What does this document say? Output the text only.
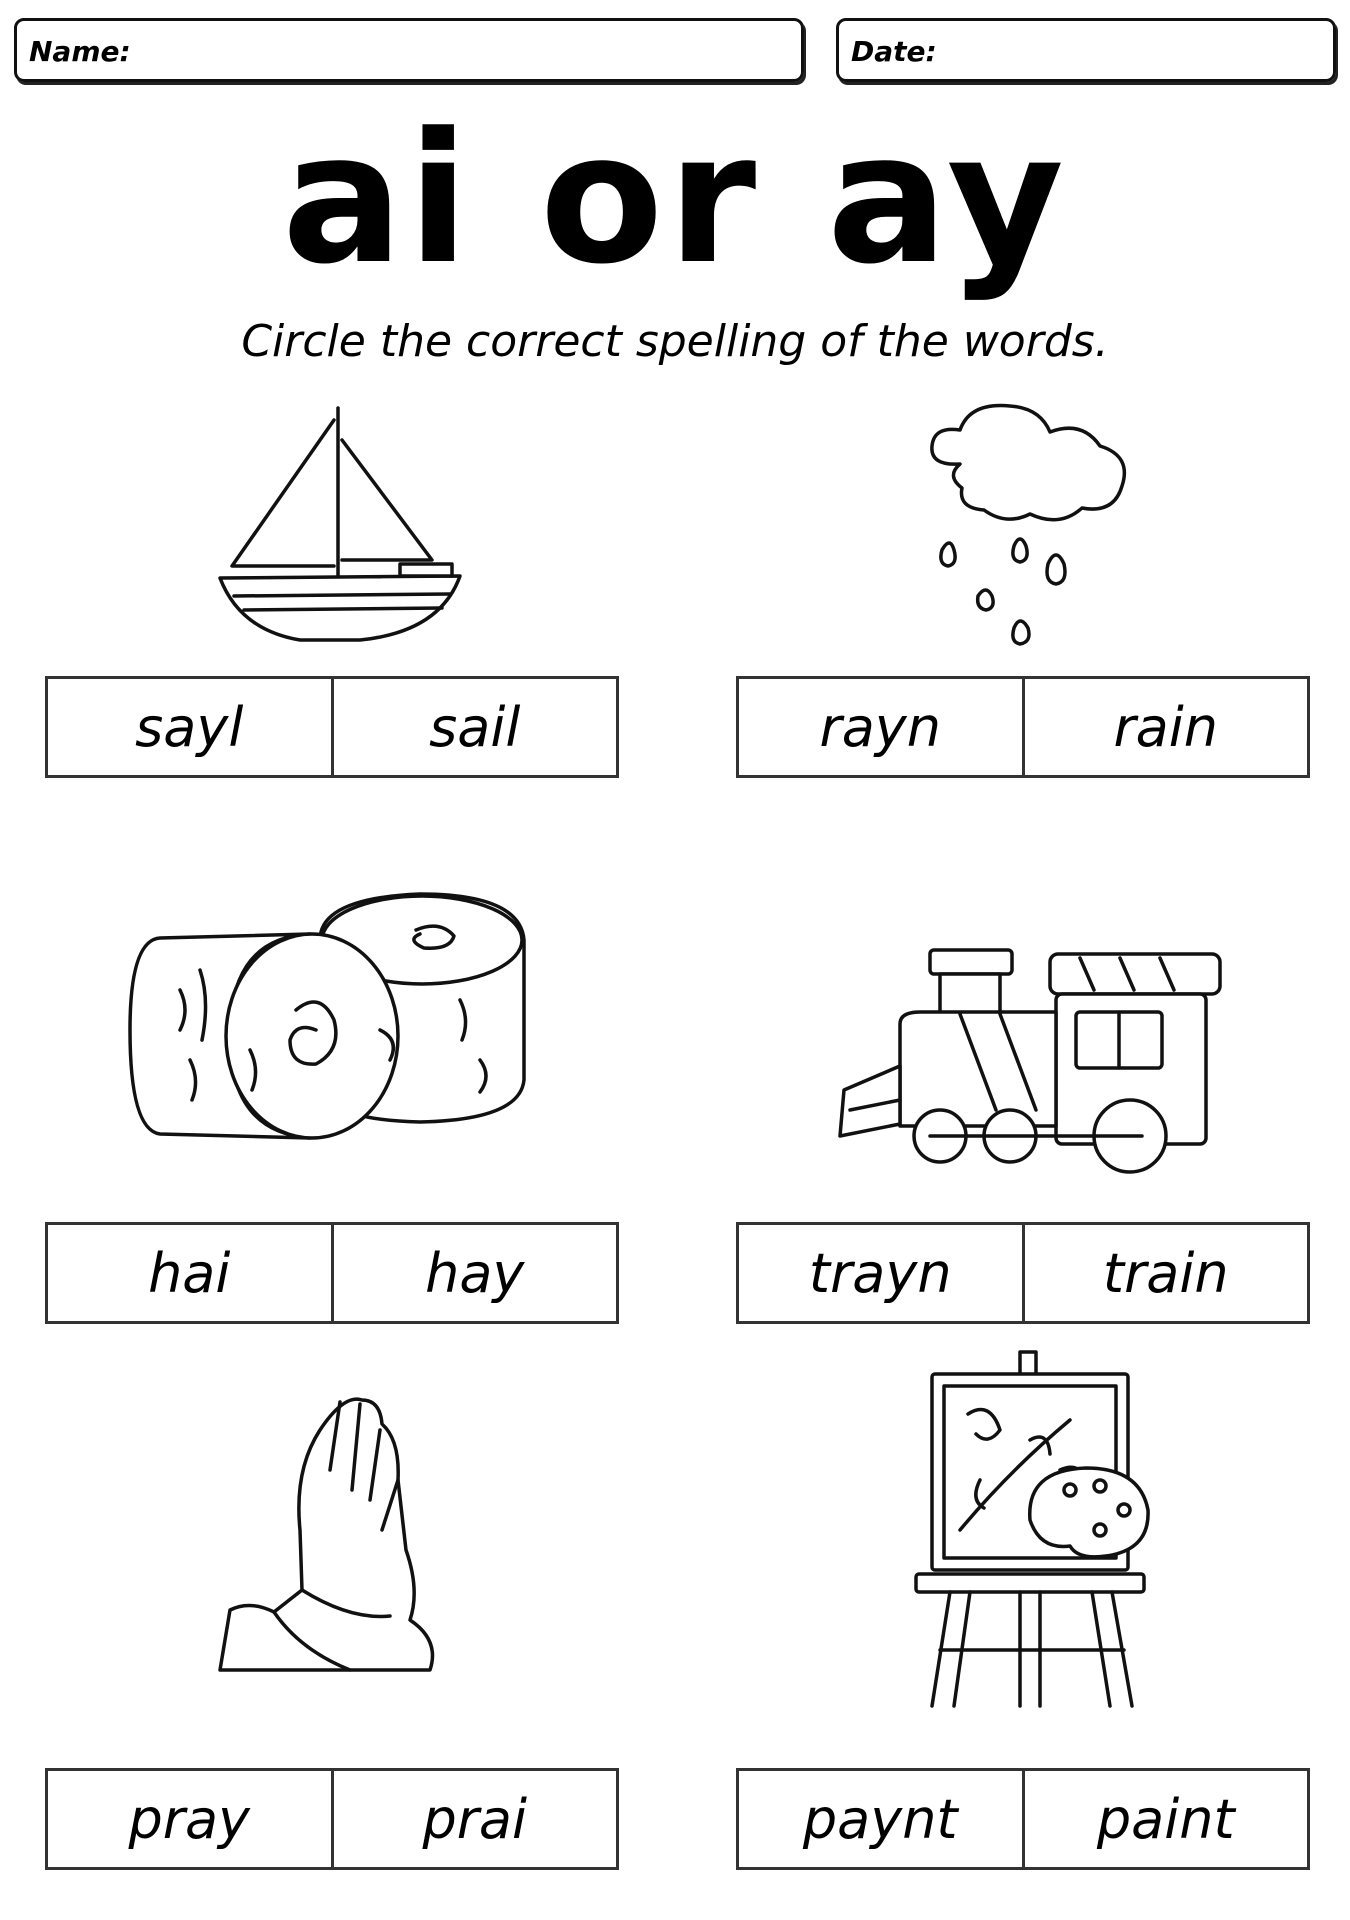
Name:	Date:
ai or ay
Circle the correct spelling of the words.
sayl	sail	rayn	rain
hai	hay	trayn	train
pray	prai	paynt	paint
